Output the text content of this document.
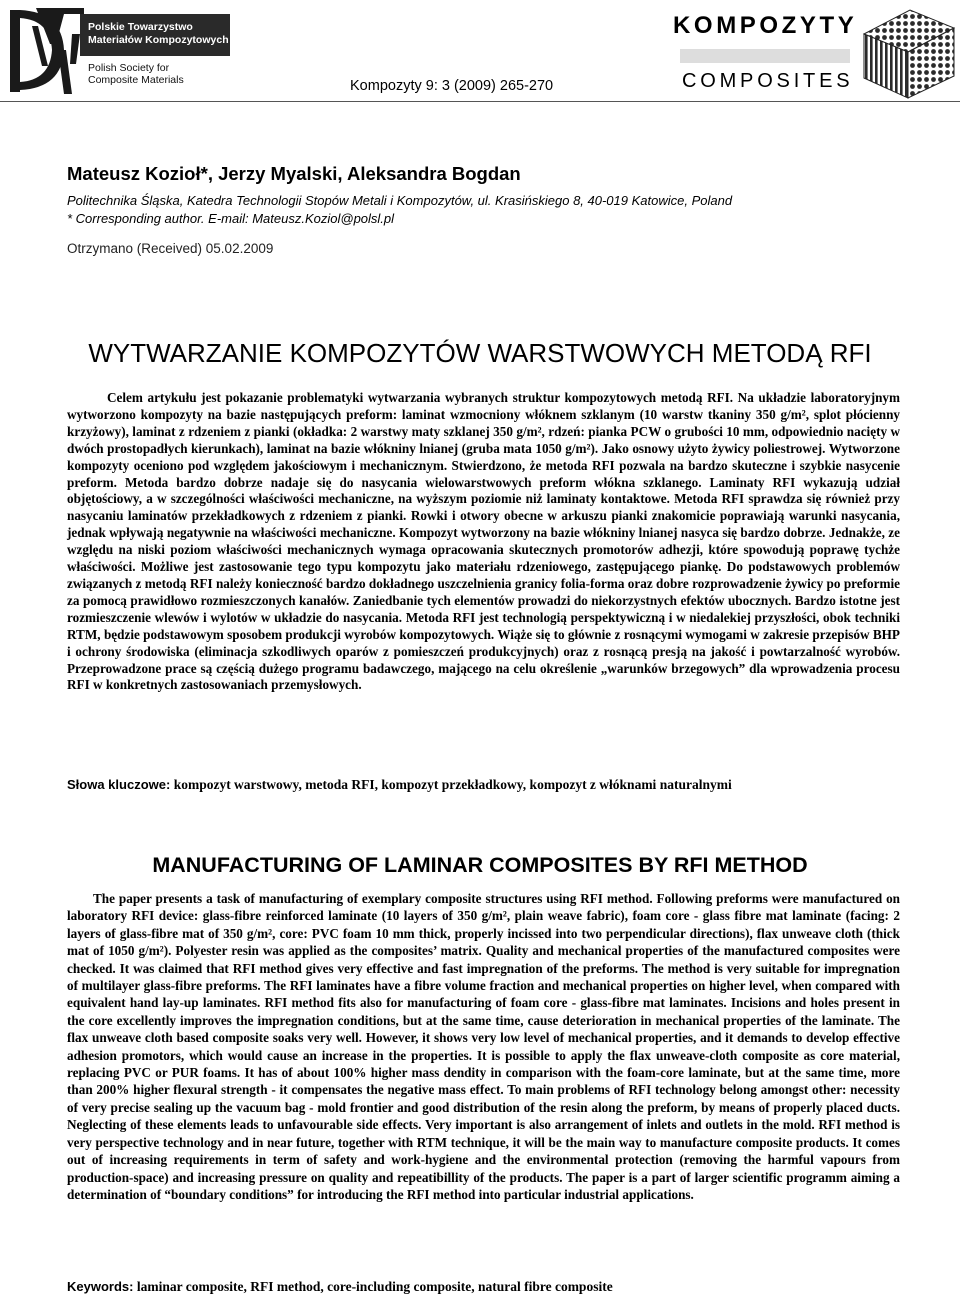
Polskie Towarzystwo
Materiałów Kompozytowych
Polish Society for
Composite Materials	Kompozyty 9: 3 (2009) 265-270
KOMPOZYTY
COMPOSITES
Mateusz Kozioł*, Jerzy Myalski, Aleksandra Bogdan
Politechnika Śląska, Katedra Technologii Stopów Metali i Kompozytów, ul. Krasińskiego 8, 40-019 Katowice, Poland
* Corresponding author. E-mail: Mateusz.Koziol@polsl.pl
Otrzymano (Received) 05.02.2009
WYTWARZANIE KOMPOZYTÓW WARSTWOWYCH METODĄ RFI

Celem artykułu jest pokazanie problematyki wytwarzania wybranych struktur kompozytowych metodą RFI. Na układzie laboratoryjnym wytworzono kompozyty na bazie następujących preform: laminat wzmocniony włóknem szklanym (10 warstw tkaniny 350 g/m², splot płócienny krzyżowy), laminat z rdzeniem z pianki (okładka: 2 warstwy maty szklanej 350 g/m², rdzeń: pianka PCW o grubości 10 mm, odpowiednio nacięty w dwóch prostopadłych kierunkach), laminat na bazie włókniny lnianej (gruba mata 1050 g/m²). Jako osnowy użyto żywicy poliestrowej. Wytworzone kompozyty oceniono pod względem jakościowym i mechanicznym. Stwierdzono, że metoda RFI pozwala na bardzo skuteczne i szybkie nasycenie preform. Metoda bardzo dobrze nadaje się do nasycania wielowarstwowych preform włókna szklanego. Laminaty RFI wykazują udział objętościowy, a w szczególności właściwości mechaniczne, na wyższym poziomie niż laminaty kontaktowe. Metoda RFI sprawdza się również przy nasycaniu laminatów przekładkowych z rdzeniem z pianki. Rowki i otwory obecne w arkuszu pianki znakomicie poprawiają warunki nasycania, jednak wpływają negatywnie na właściwości mechaniczne. Kompozyt wytworzony na bazie włókniny lnianej nasyca się bardzo dobrze. Jednakże, ze względu na niski poziom właściwości mechanicznych wymaga opracowania skutecznych promotorów adhezji, które spowodują poprawę tychże właściwości. Możliwe jest zastosowanie tego typu kompozytu jako materiału rdzeniowego, zastępującego piankę. Do podstawowych problemów związanych z metodą RFI należy konieczność bardzo dokładnego uszczelnienia granicy folia-forma oraz dobre rozprowadzenie żywicy po preformie za pomocą prawidłowo rozmieszczonych kanałów. Zaniedbanie tych elementów prowadzi do niekorzystnych efektów ubocznych. Bardzo istotne jest rozmieszczenie wlewów i wylotów w układzie do nasycania. Metoda RFI jest technologią perspektywiczną i w niedalekiej przyszłości, obok techniki RTM, będzie podstawowym sposobem produkcji wyrobów kompozytowych. Wiąże się to głównie z rosnącymi wymogami w zakresie przepisów BHP i ochrony środowiska (eliminacja szkodliwych oparów z pomieszczeń produkcyjnych) oraz z rosnącą presją na jakość i powtarzalność wyrobów. Przeprowadzone prace są częścią dużego programu badawczego, mającego na celu określenie „warunków brzegowych” dla wprowadzenia procesu RFI w konkretnych zastosowaniach przemysłowych.

Słowa kluczowe: kompozyt warstwowy, metoda RFI, kompozyt przekładkowy, kompozyt z włóknami naturalnymi
MANUFACTURING OF LAMINAR COMPOSITES BY RFI METHOD

The paper presents a task of manufacturing of exemplary composite structures using RFI method. Following preforms were manufactured on laboratory RFI device: glass-fibre reinforced laminate (10 layers of 350 g/m², plain weave fabric), foam core - glass fibre mat laminate (facing: 2 layers of glass-fibre mat of 350 g/m², core: PVC foam 10 mm thick, properly incissed into two perpendicular directions), flax unweave cloth (thick mat of 1050 g/m²). Polyester resin was applied as the composites’ matrix. Quality and mechanical properties of the manufactured composites were checked. It was claimed that RFI method gives very effective and fast impregnation of the preforms. The method is very suitable for impregnation of multilayer glass-fibre preforms. The RFI laminates have a fibre volume fraction and mechanical properties on higher level, when compared with equivalent hand lay-up laminates. RFI method fits also for manufacturing of foam core - glass-fibre mat laminates. Incisions and holes present in the core excellently improves the impregnation conditions, but at the same time, cause deterioration in mechanical properties of the laminate. The flax unweave cloth based composite soaks very well. However, it shows very low level of mechanical properties, and it demands to develop effective adhesion promotors, which would cause an increase in the properties. It is possible to apply the flax unweave-cloth composite as core material, replacing PVC or PUR foams. It has of about 100% higher mass dendity in comparison with the foam-core laminate, but at the same time, more than 200% higher flexural strength - it compensates the negative mass effect. To main problems of RFI technology belong amongst other: necessity of very precise sealing up the vacuum bag - mold frontier and good distribution of the resin along the preform, by means of properly placed ducts. Neglecting of these elements leads to unfavourable side effects. Very important is also arrangement of inlets and outlets in the mold. RFI method is very perspective technology and in near future, together with RTM technique, it will be the main way to manufacture composite products. It comes out of increasing requirements in term of safety and work-hygiene and the environmental protection (removing the harmful vapours from production-space) and increasing pressure on quality and repeatibillity of the products. The paper is a part of larger scientific programm aiming a determination of “boundary conditions” for introducing the RFI method into particular industrial applications.

Keywords: laminar composite, RFI method, core-including composite, natural fibre composite
